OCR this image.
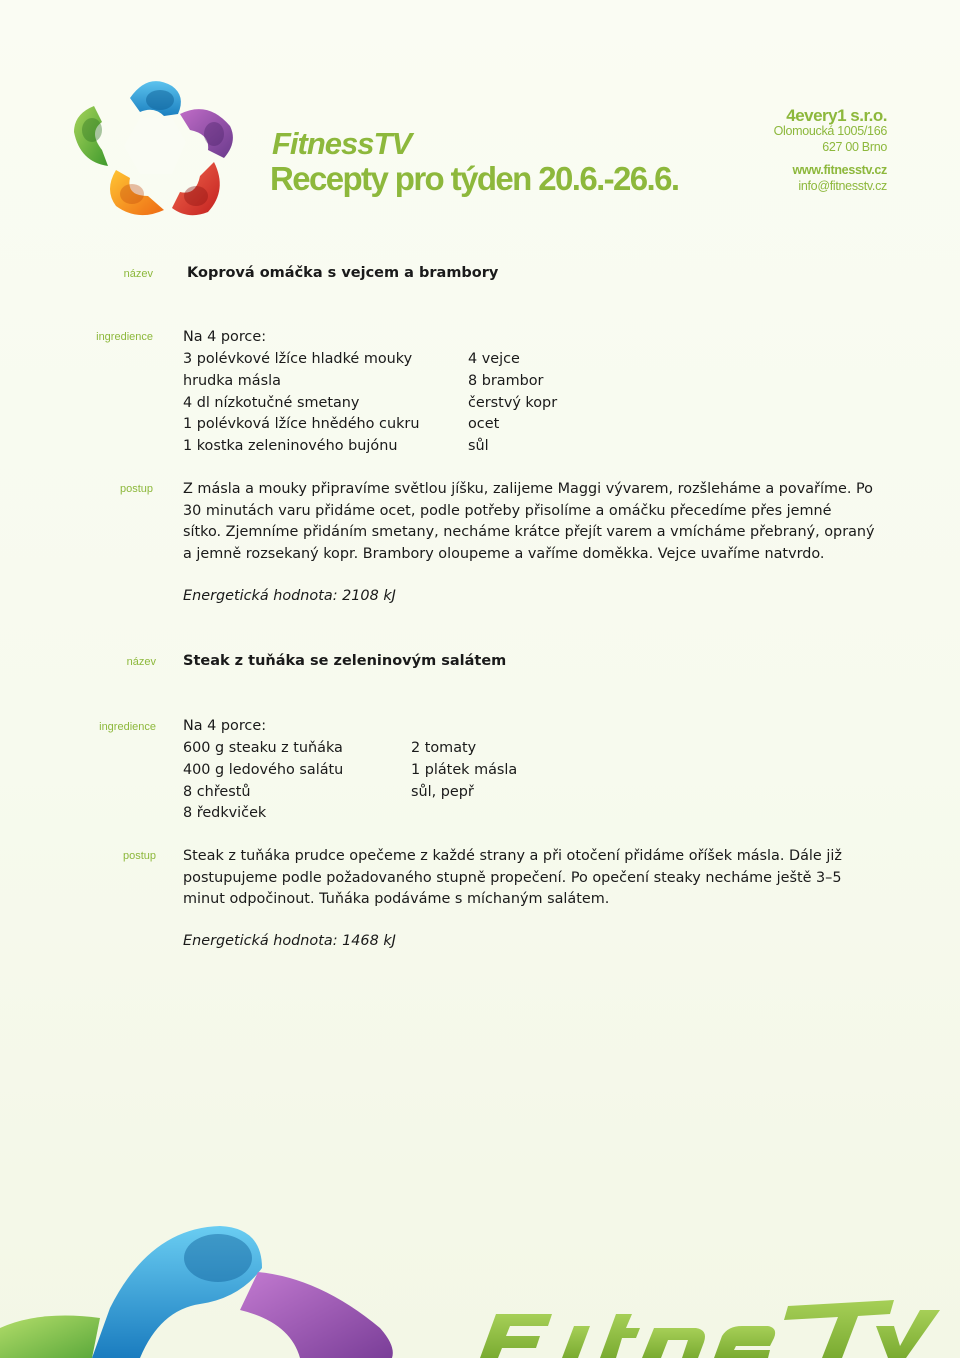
FitnessTV
Recepty pro týden 20.6.-26.6.
4every1 s.r.o.
Olomoucká 1005/166
627 00 Brno
www.fitnesstv.cz
info@fitnesstv.cz
název Koprová omáčka s vejcem a brambory
ingredience Na 4 porce:
3 polévkové lžíce hladké mouky
hrudka másla
4 dl nízkotučné smetany
1 polévková lžíce hnědého cukru
1 kostka zeleninového bujónu
4 vejce
8 brambor
čerstvý kopr
ocet
sůl
postup Z másla a mouky připravíme světlou jíšku, zalijeme Maggi vývarem, rozšleháme a povaříme. Po
30 minutách varu přidáme ocet, podle potřeby přisolíme a omáčku přecedíme přes jemné
sítko. Zjemníme přidáním smetany, necháme krátce přejít varem a vmícháme přebraný, opraný
a jemně rozsekaný kopr. Brambory oloupeme a vaříme doměkka. Vejce uvaříme natvrdo.
Energetická hodnota: 2108 kJ
název Steak z tuňáka se zeleninovým salátem
ingredience Na 4 porce:
600 g steaku z tuňáka
400 g ledového salátu
8 chřestů
8 ředkviček
2 tomaty
1 plátek másla
sůl, pepř
postup Steak z tuňáka prudce opečeme z každé strany a při otočení přidáme oříšek másla. Dále již
postupujeme podle požadovaného stupně propečení. Po opečení steaky necháme ještě 3–5
minut odpočinout. Tuňáka podáváme s míchaným salátem.
Energetická hodnota: 1468 kJ
